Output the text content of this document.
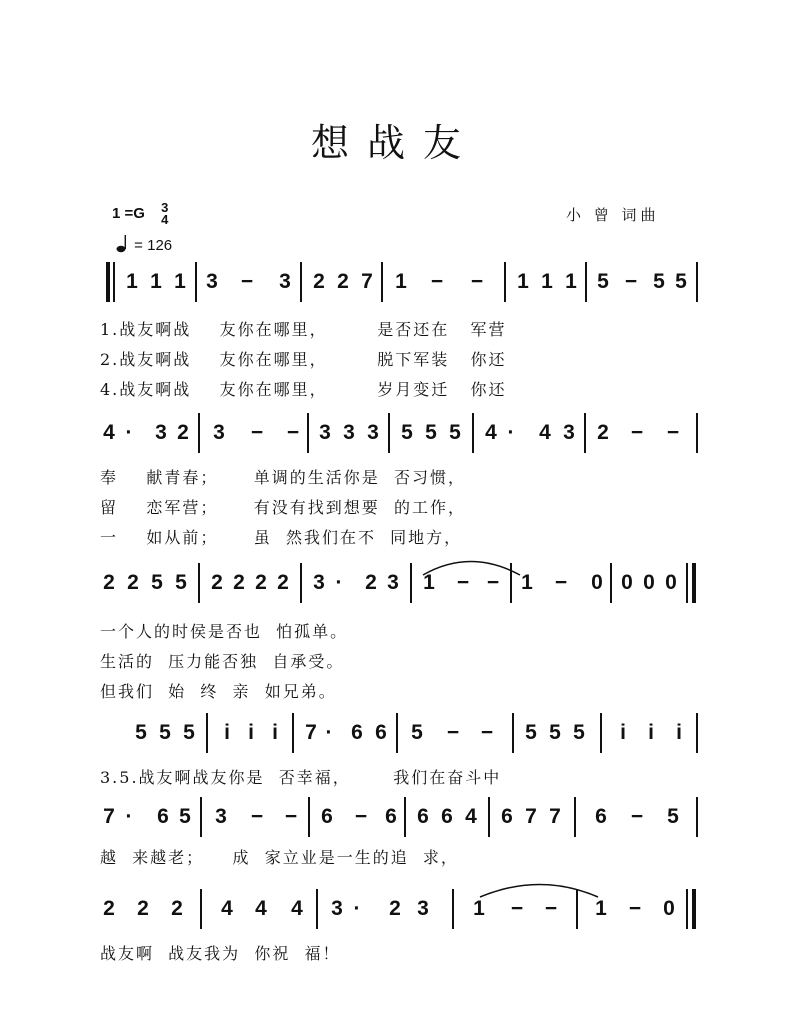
想战友
1 =G 3
4
= 126
小 曾 词曲
1 1 1 3 − 3 2 2 7 1 − − 1 1 1 5 − 5 5
1.战友啊战    友你在哪里，       是否还在   军营
2.战友啊战    友你在哪里，       脱下军装   你还
4.战友啊战    友你在哪里，       岁月变迁   你还
4 · 3 2 3 − − 3 3 3 5 5 5 4 · 4 3 2 − −
奉    献青春；     单调的生活你是  否习惯，
留    恋军营；     有没有找到想要  的工作，
一    如从前；     虽  然我们在不  同地方，
2 2 5 5 2 2 2 2 3 · 2 3 1 − − 1 − 0 0 0 0
一个人的时侯是否也  怕孤单。
生活的  压力能否独  自承受。
但我们  始  终  亲  如兄弟。
5 5 5 i i i 7 · 6 6 5 − − 5 5 5 i i i
3.5.战友啊战友你是  否幸福，      我们在奋斗中
7 · 6 5 3 − − 6 − 6 6 6 4 6 7 7 6 − 5
越  来越老；    成  家立业是一生的追  求，
2 2 2 4 4 4 3 · 2 3 1 − − 1 − 0
战友啊  战友我为  你祝  福！
